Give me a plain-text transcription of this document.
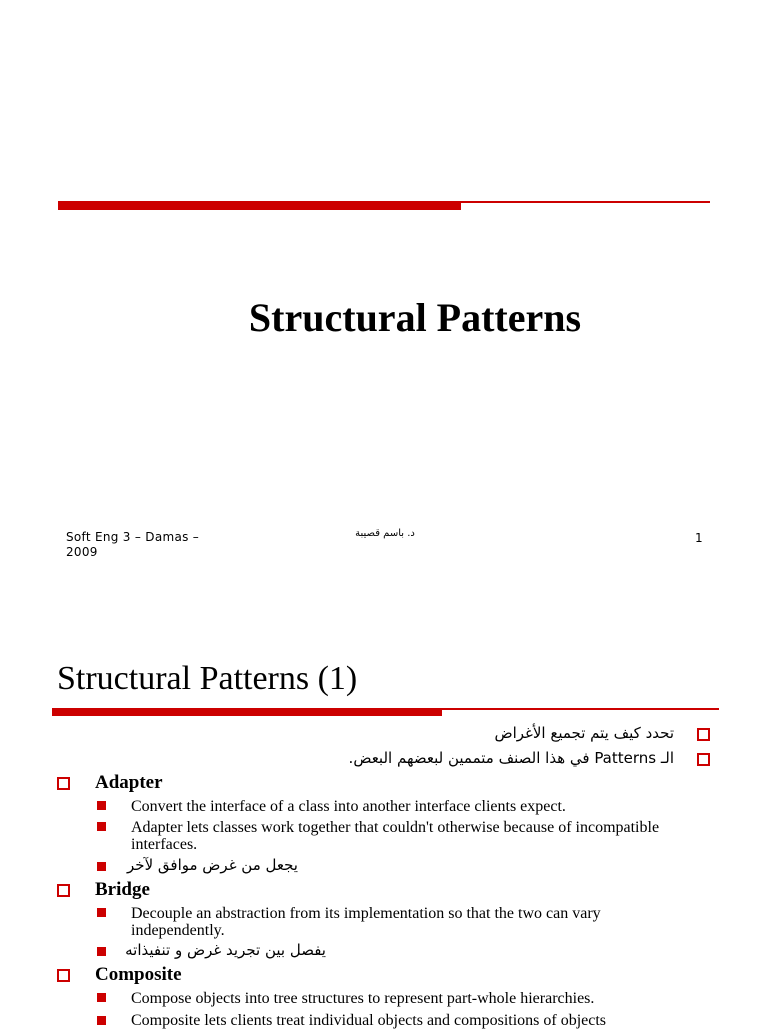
Structural Patterns
Soft Eng 3 – Damas – 2009
د. باسم قصيبة	1
Structural Patterns (1)
تحدد كيف يتم تجميع الأغراض
الـ Patterns في هذا الصنف متممين لبعضهم البعض.
Adapter
Convert the interface of a class into another interface clients expect.
Adapter lets classes work together that couldn't otherwise because of incompatible interfaces.
يجعل من غرض موافق لآخر
Bridge
Decouple an abstraction from its implementation so that the two can vary independently.
يفصل بين تجريد غرض و تنفيذاته
Composite
Compose objects into tree structures to represent part-whole hierarchies.
Composite lets clients treat individual objects and compositions of objects
